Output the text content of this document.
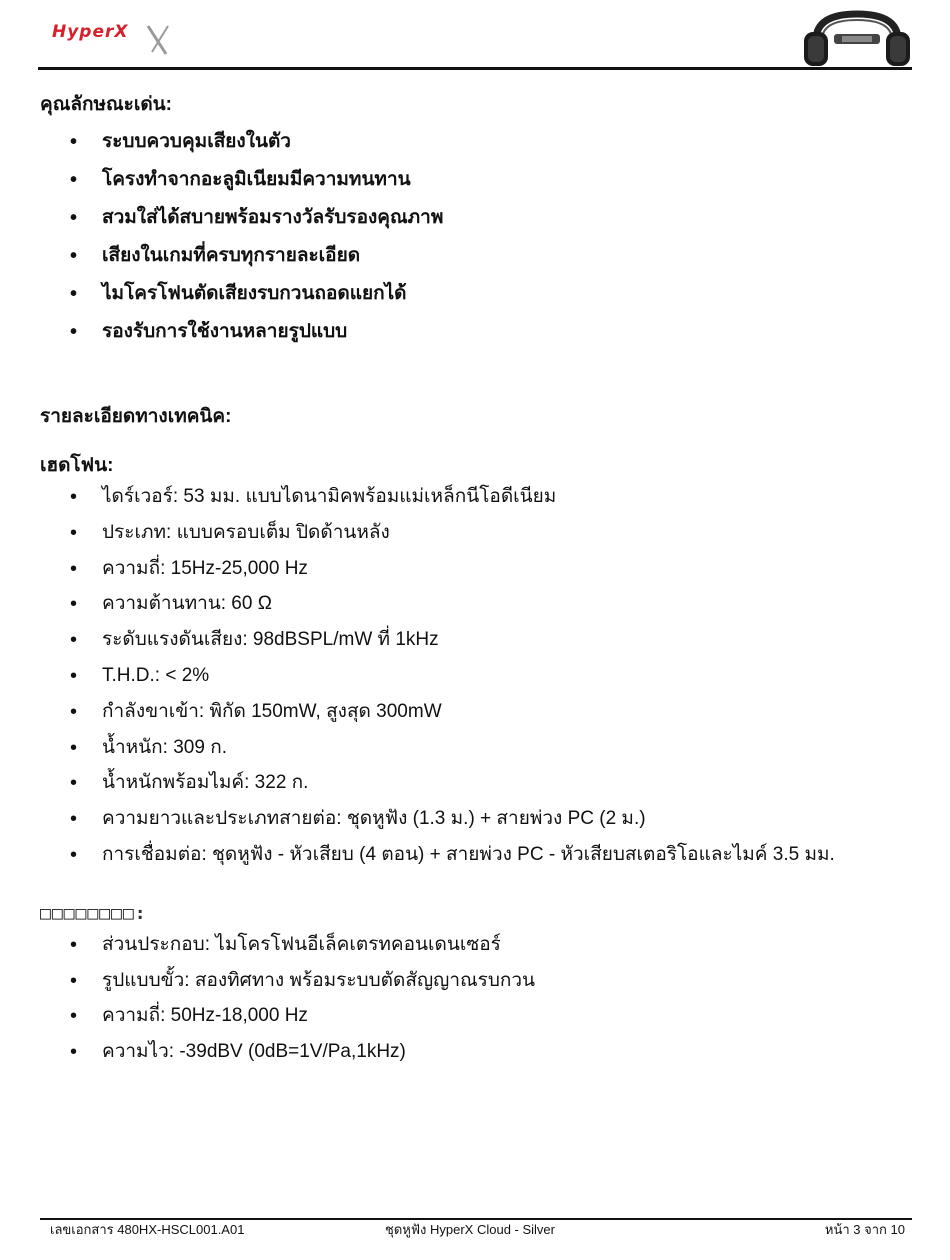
HyperX
คุณลักษณะเด่น:
• ระบบควบคุมเสียงในตัว
• โครงทำจากอะลูมิเนียมมีความทนทาน
• สวมใส่ได้สบายพร้อมรางวัลรับรองคุณภาพ
• เสียงในเกมที่ครบทุกรายละเอียด
• ไมโครโฟนตัดเสียงรบกวนถอดแยกได้
• รองรับการใช้งานหลายรูปแบบ
รายละเอียดทางเทคนิค:
เฮดโฟน:
• ไดร์เวอร์: 53 มม. แบบไดนามิคพร้อมแม่เหล็กนีโอดีเนียม
• ประเภท: แบบครอบเต็ม ปิดด้านหลัง
• ความถี่: 15Hz-25,000 Hz
• ความต้านทาน: 60 Ω
• ระดับแรงดันเสียง: 98dBSPL/mW ที่ 1kHz
• T.H.D.: < 2%
• กำลังขาเข้า: พิกัด 150mW, สูงสุด 300mW
• น้ำหนัก: 309 ก.
• น้ำหนักพร้อมไมค์: 322 ก.
• ความยาวและประเภทสายต่อ: ชุดหูฟัง (1.3 ม.) + สายพ่วง PC (2 ม.)
• การเชื่อมต่อ: ชุดหูฟัง - หัวเสียบ (4 ตอน) + สายพ่วง PC - หัวเสียบสเตอริโอและไมค์ 3.5 มม.
□□□□□□□□:
• ส่วนประกอบ: ไมโครโฟนอีเล็คเตรทคอนเดนเซอร์
• รูปแบบขั้ว: สองทิศทาง พร้อมระบบตัดสัญญาณรบกวน
• ความถี่: 50Hz-18,000 Hz
• ความไว: -39dBV (0dB=1V/Pa,1kHz)
เลขเอกสาร 480HX-HSCL001.A01	ชุดหูฟัง HyperX Cloud - Silver	หน้า 3 จาก 10
